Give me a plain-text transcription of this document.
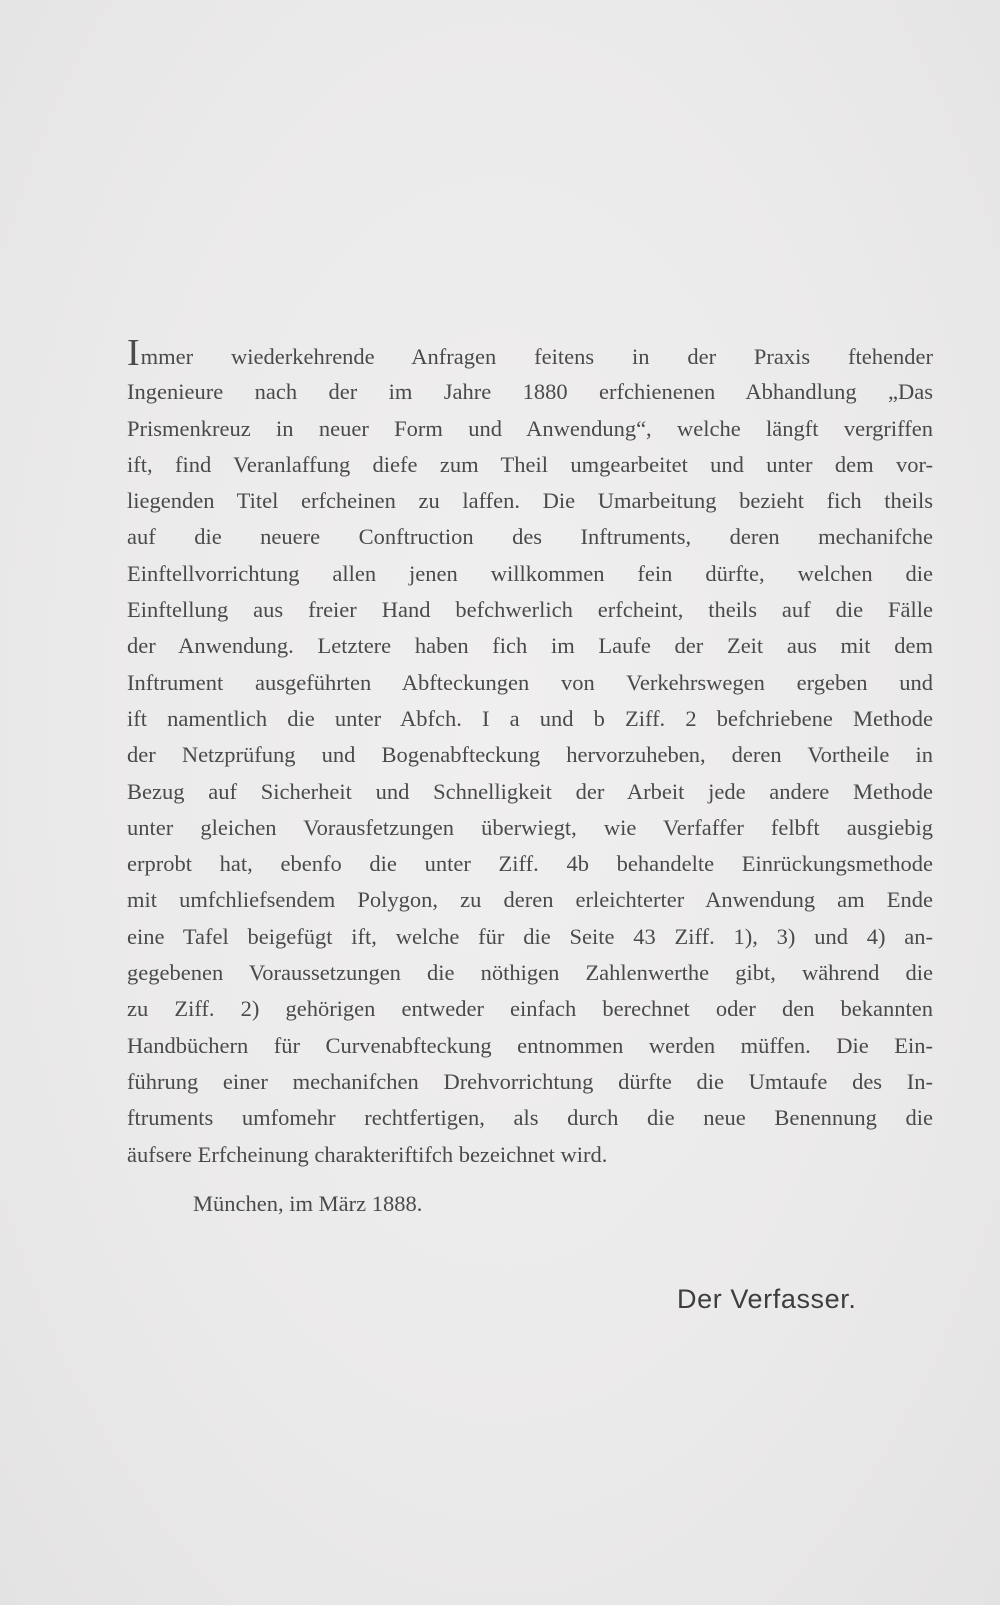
Immer wiederkehrende Anfragen feitens in der Praxis ftehender
Ingenieure nach der im Jahre 1880 erfchienenen Abhandlung „Das
Prismenkreuz in neuer Form und Anwendung“, welche längft vergriffen
ift, find Veranlaffung diefe zum Theil umgearbeitet und unter dem vor-
liegenden Titel erfcheinen zu laffen. Die Umarbeitung bezieht fich theils
auf die neuere Conftruction des Inftruments, deren mechanifche
Einftellvorrichtung allen jenen willkommen fein dürfte, welchen die
Einftellung aus freier Hand befchwerlich erfcheint, theils auf die Fälle
der Anwendung. Letztere haben fich im Laufe der Zeit aus mit dem
Inftrument ausgeführten Abfteckungen von Verkehrswegen ergeben und
ift namentlich die unter Abfch. I a und b Ziff. 2 befchriebene Methode
der Netzprüfung und Bogenabfteckung hervorzuheben, deren Vortheile in
Bezug auf Sicherheit und Schnelligkeit der Arbeit jede andere Methode
unter gleichen Vorausfetzungen überwiegt, wie Verfaffer felbft ausgiebig
erprobt hat, ebenfo die unter Ziff. 4b behandelte Einrückungsmethode
mit umfchliefsendem Polygon, zu deren erleichterter Anwendung am Ende
eine Tafel beigefügt ift, welche für die Seite 43 Ziff. 1), 3) und 4) an-
gegebenen Voraussetzungen die nöthigen Zahlenwerthe gibt, während die
zu Ziff. 2) gehörigen entweder einfach berechnet oder den bekannten
Handbüchern für Curvenabfteckung entnommen werden müffen. Die Ein-
führung einer mechanifchen Drehvorrichtung dürfte die Umtaufe des In-
ftruments umfomehr rechtfertigen, als durch die neue Benennung die
äufsere Erfcheinung charakteriftifch bezeichnet wird.
München, im März 1888.
Der Verfasser.
